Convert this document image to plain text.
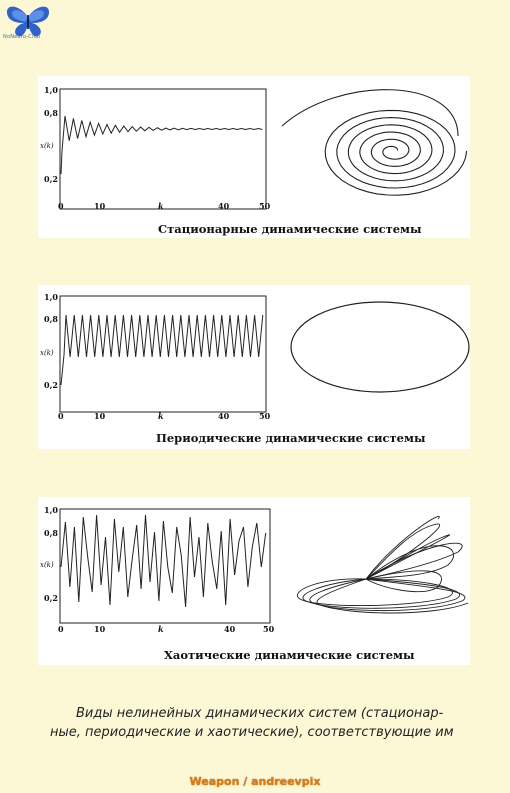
NoNeuro-Club
1,0
0,8
x(k)
0,2
0	10	k	40	50
Стационарные динамические системы
1,0
0,8
x(k)
0,2
0	10	k	40	50
Периодические динамические системы
1,0
0,8
x(k)
0,2
0	10	k	40	50
Хаотические динамические системы

Виды нелинейных динамических систем (стационар-

ные, периодические и хаотические), соответствующие им

Weapon / andreevpix
